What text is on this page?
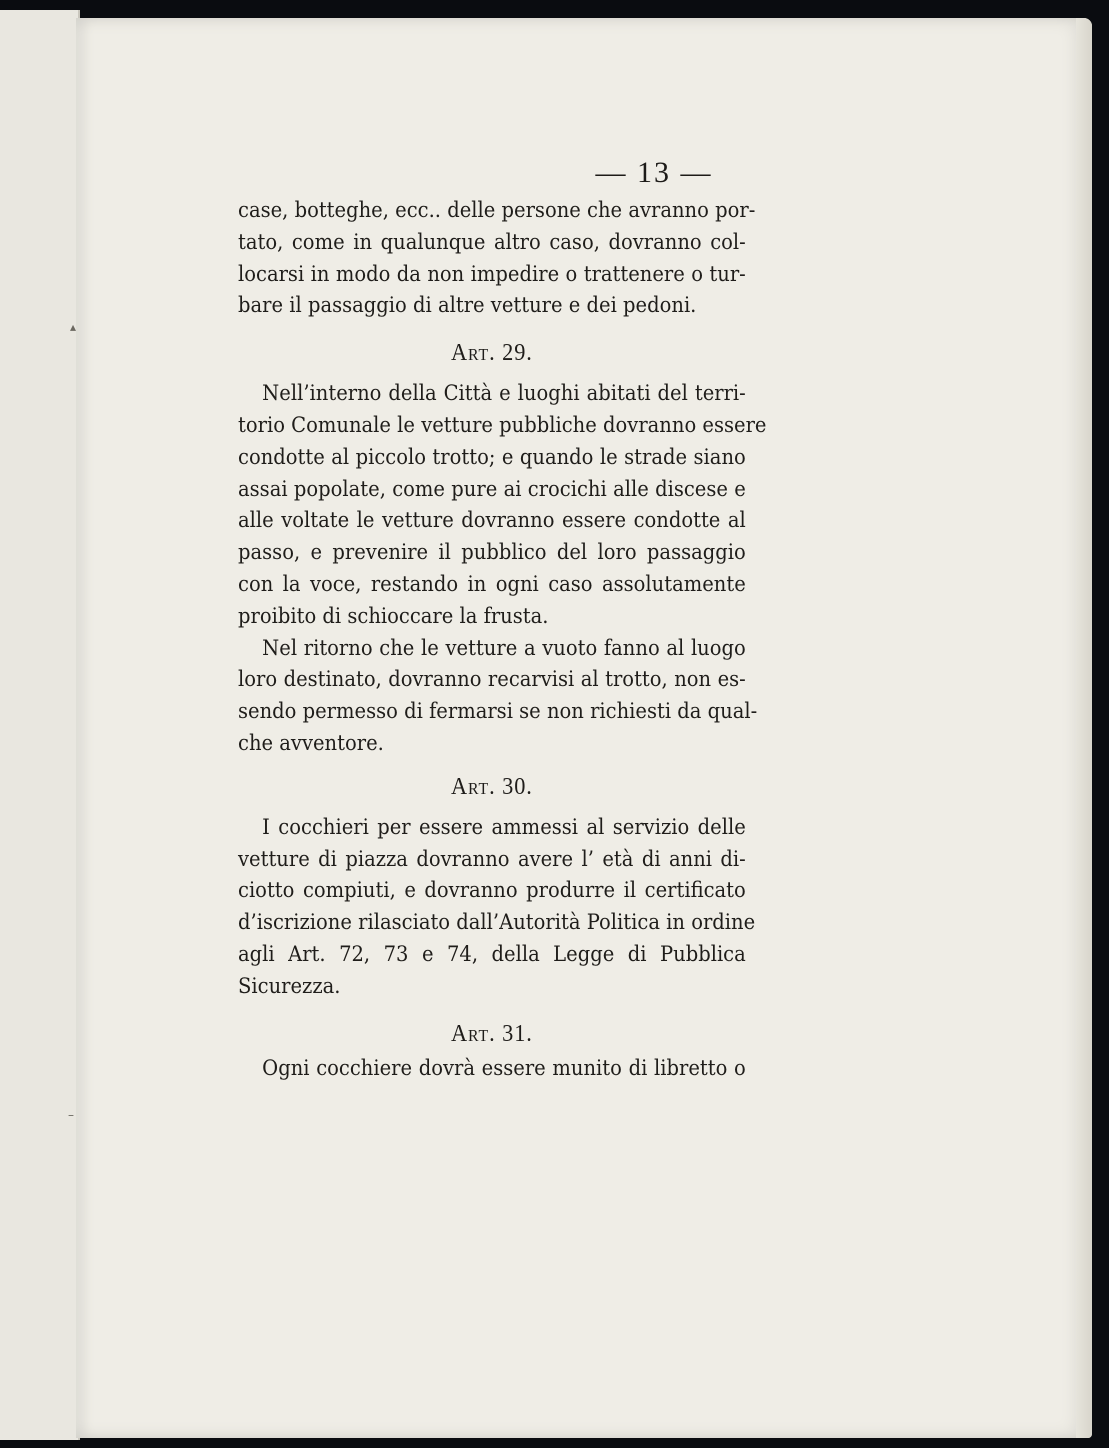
— 13 —
case, botteghe, ecc.. delle persone che avranno por-
tato, come in qualunque altro caso, dovranno col-
locarsi in modo da non impedire o trattenere o tur-
bare il passaggio di altre vetture e dei pedoni.
Art. 29.
Nell’interno della Città e luoghi abitati del terri-
torio Comunale le vetture pubbliche dovranno essere
condotte al piccolo trotto; e quando le strade siano
assai popolate, come pure ai crocichi alle discese e
alle voltate le vetture dovranno essere condotte al
passo, e prevenire il pubblico del loro passaggio
con la voce, restando in ogni caso assolutamente
proibito di schioccare la frusta.
Nel ritorno che le vetture a vuoto fanno al luogo
loro destinato, dovranno recarvisi al trotto, non es-
sendo permesso di fermarsi se non richiesti da qual-
che avventore.
Art. 30.
I cocchieri per essere ammessi al servizio delle
vetture di piazza dovranno avere l’ età di anni di-
ciotto compiuti, e dovranno produrre il certificato
d’iscrizione rilasciato dall’Autorità Politica in ordine
agli Art. 72, 73 e 74, della Legge di Pubblica
Sicurezza.
Art. 31.
Ogni cocchiere dovrà essere munito di libretto o
▴
–
